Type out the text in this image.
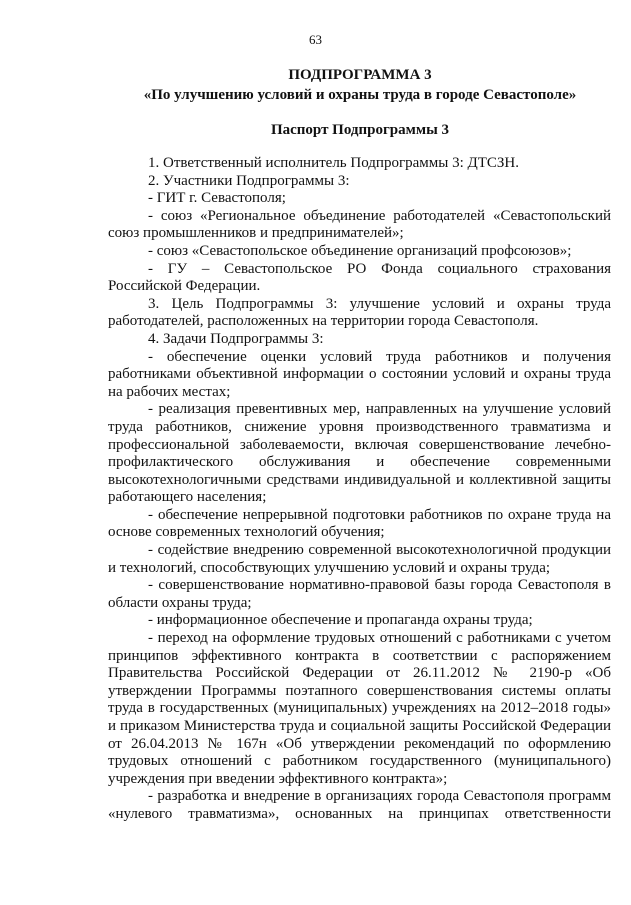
63
ПОДПРОГРАММА 3
«По улучшению условий и охраны труда в городе Севастополе»
Паспорт Подпрограммы 3

1. Ответственный исполнитель Подпрограммы 3: ДТСЗН.

2. Участники Подпрограммы 3:

- ГИТ г. Севастополя;

- союз «Региональное объединение работодателей «Севастопольский союз промышленников и предпринимателей»;

- союз «Севастопольское объединение организаций профсоюзов»;

- ГУ – Севастопольское РО Фонда социального страхования Российской Федерации.

3. Цель Подпрограммы 3: улучшение условий и охраны труда работодателей, расположенных на территории города Севастополя.

4. Задачи Подпрограммы 3:

- обеспечение оценки условий труда работников и получения работниками объективной информации о состоянии условий и охраны труда на рабочих местах;

- реализация превентивных мер, направленных на улучшение условий труда работников, снижение уровня производственного травматизма и профессиональной заболеваемости, включая совершенствование лечебно-профилактического обслуживания и обеспечение современными высокотехнологичными средствами индивидуальной и коллективной защиты работающего населения;

- обеспечение непрерывной подготовки работников по охране труда на основе современных технологий обучения;

- содействие внедрению современной высокотехнологичной продукции и технологий, способствующих улучшению условий и охраны труда;

- совершенствование нормативно-правовой базы города Севастополя в области охраны труда;

- информационное обеспечение и пропаганда охраны труда;

- переход на оформление трудовых отношений с работниками с учетом принципов эффективного контракта в соответствии с распоряжением Правительства Российской Федерации от 26.11.2012 № 2190-р «Об утверждении Программы поэтапного совершенствования системы оплаты труда в государственных (муниципальных) учреждениях на 2012–2018 годы» и приказом Министерства труда и социальной защиты Российской Федерации от 26.04.2013 № 167н «Об утверждении рекомендаций по оформлению трудовых отношений с работником государственного (муниципального) учреждения при введении эффективного контракта»;

- разработка и внедрение в организациях города Севастополя программ «нулевого травматизма», основанных на принципах ответственности
